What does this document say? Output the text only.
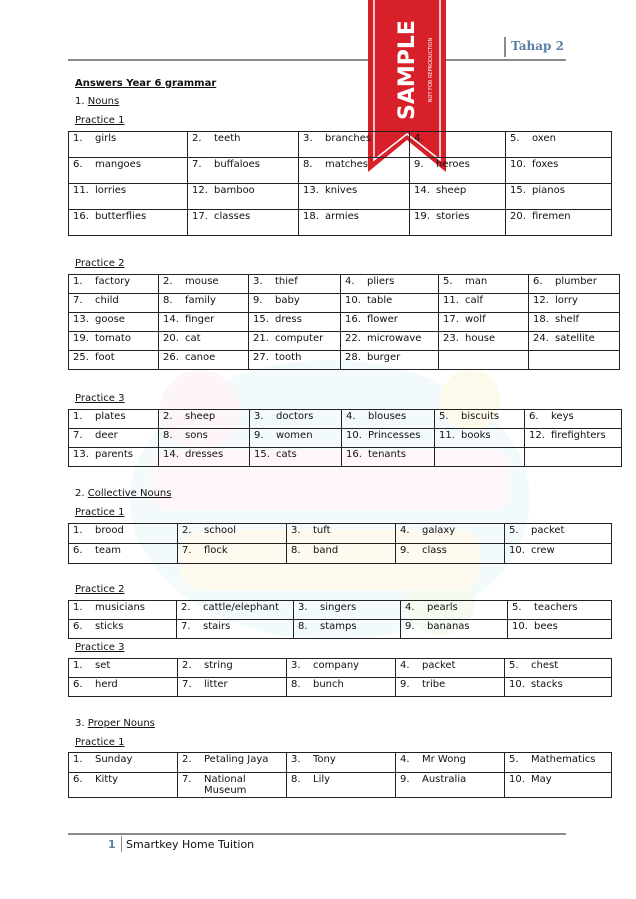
Tahap 2
SAMPLE NOT FOR REPRODUCTION
Answers Year 6 grammar
1. Nouns
Practice 1
1. girls	2. teeth	3. branches	4.	5. oxen
6. mangoes	7. buffaloes	8. matches	9. heroes	10. foxes
11. lorries	12. bamboo	13. knives	14. sheep	15. pianos
16. butterflies	17. classes	18. armies	19. stories	20. firemen
Practice 2
1. factory	2. mouse	3. thief	4. pliers	5. man	6. plumber
7. child	8. family	9. baby	10. table	11. calf	12. lorry
13. goose	14. finger	15. dress	16. flower	17. wolf	18. shelf
19. tomato	20. cat	21. computer	22. microwave	23. house	24. satellite
25. foot	26. canoe	27. tooth	28. burger		
Practice 3
1. plates	2. sheep	3. doctors	4. blouses	5. biscuits	6. keys
7. deer	8. sons	9. women	10. Princesses	11. books	12. firefighters
13. parents	14. dresses	15. cats	16. tenants		
2. Collective Nouns
Practice 1
1. brood	2. school	3. tuft	4. galaxy	5. packet
6. team	7. flock	8. band	9. class	10. crew
Practice 2
1. musicians	2. cattle/elephant	3. singers	4. pearls	5. teachers
6. sticks	7. stairs	8. stamps	9. bananas	10. bees
Practice 3
1. set	2. string	3. company	4. packet	5. chest
6. herd	7. litter	8. bunch	9. tribe	10. stacks
3. Proper Nouns
Practice 1
1. Sunday	2. Petaling Jaya	3. Tony	4. Mr Wong	5. Mathematics
6. Kitty	7. National Museum	8. Lily	9. Australia	10. May
1 Smartkey Home Tuition
